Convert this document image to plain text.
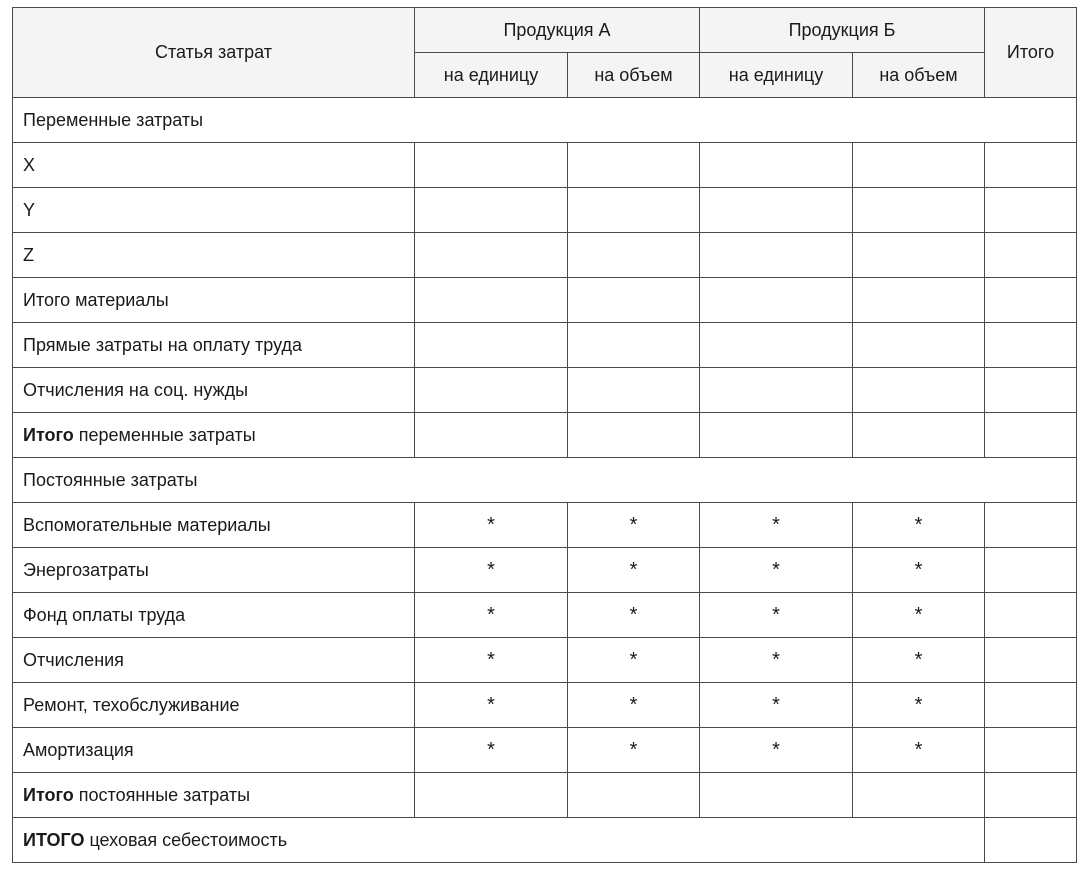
Статья затрат	Продукция А		Продукция Б		Итого
	на единицу	на объем	на единицу	на объем	
Переменные затраты					
X					
Y					
Z					
Итого материалы					
Прямые затраты на оплату труда					
Отчисления на соц. нужды					
Итого переменные затраты					
Постоянные затраты					
Вспомогательные материалы	*	*	*	*	
Энергозатраты	*	*	*	*	
Фонд оплаты труда	*	*	*	*	
Отчисления	*	*	*	*	
Ремонт, техобслуживание	*	*	*	*	
Амортизация	*	*	*	*	
Итого постоянные затраты					
ИТОГО цеховая себестоимость					
